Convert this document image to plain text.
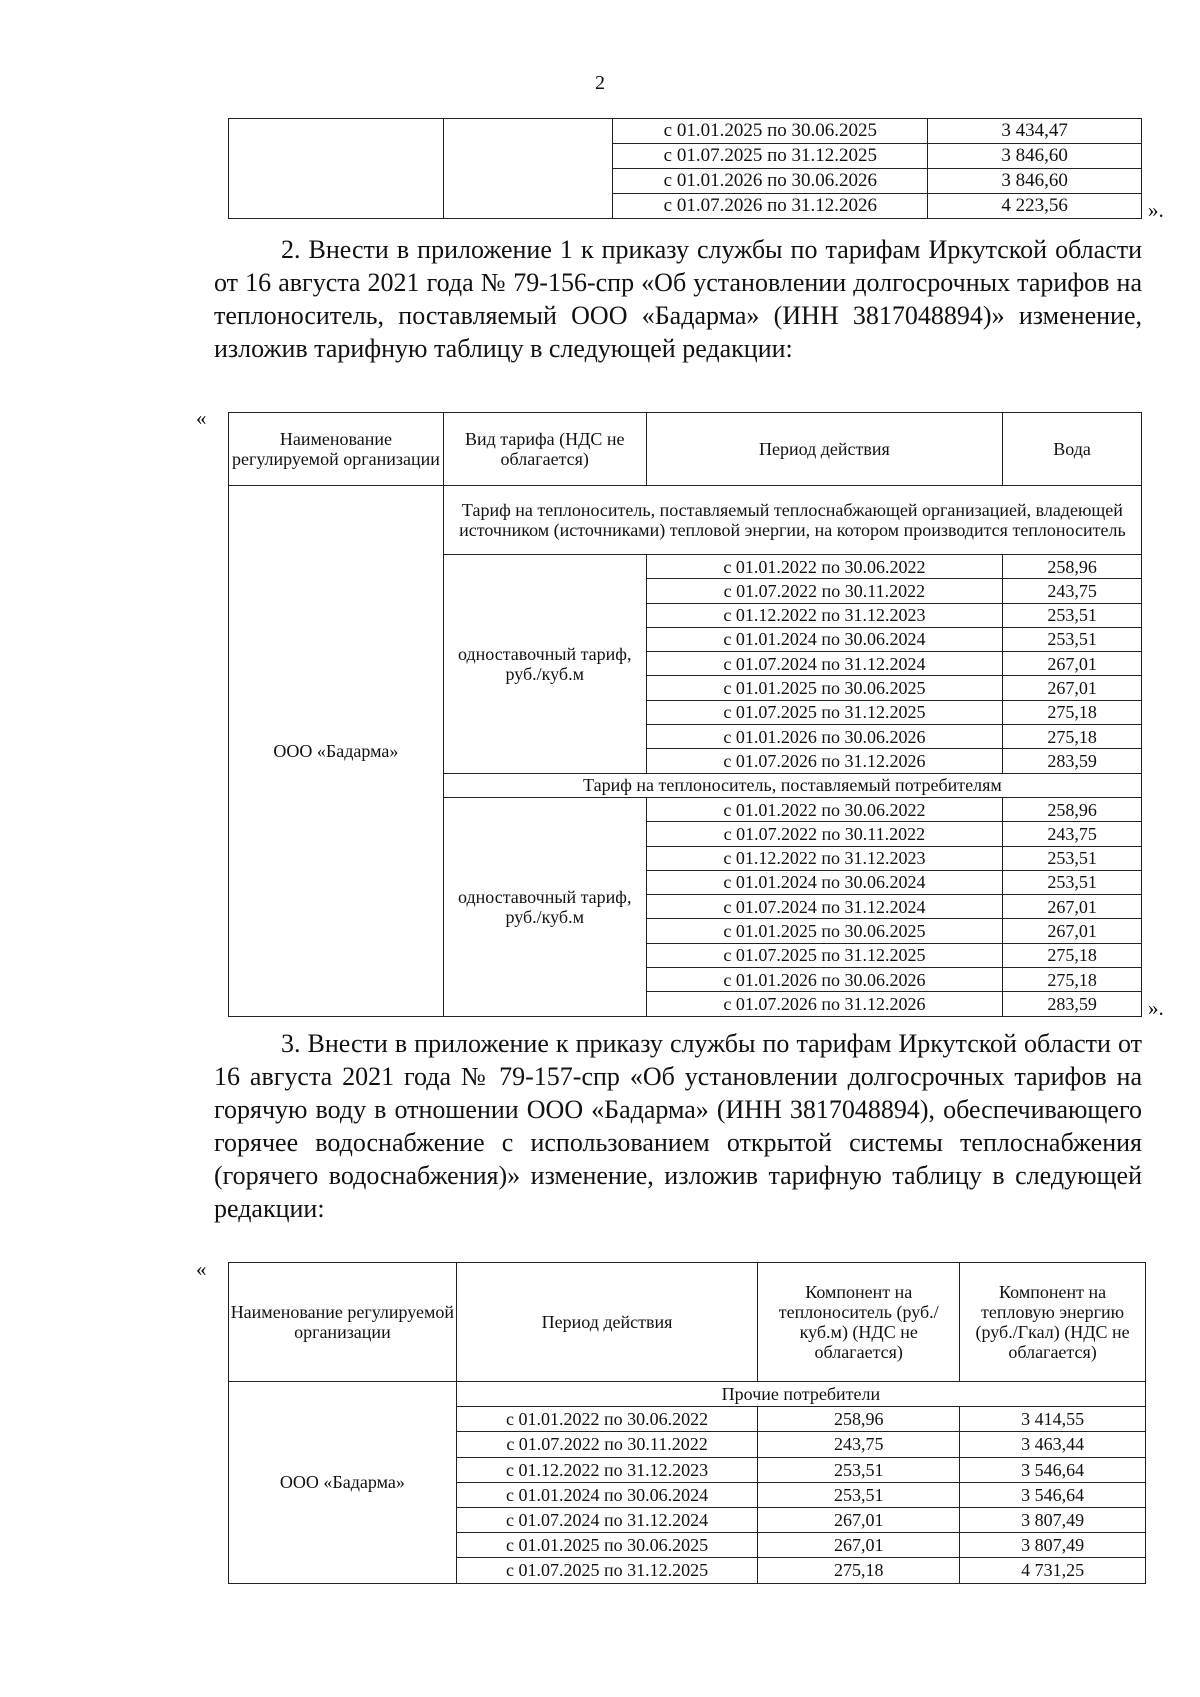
2
		с 01.01.2025 по 30.06.2025	3 434,47
		с 01.07.2025 по 31.12.2025	3 846,60
		с 01.01.2026 по 30.06.2026	3 846,60
		с 01.07.2026 по 31.12.2026	4 223,56	».
2. Внести в приложение 1 к приказу службы по тарифам Иркутской области от 16 августа 2021 года № 79-156-спр «Об установлении долгосрочных тарифов на теплоноситель, поставляемый ООО «Бадарма» (ИНН 3817048894)» изменение, изложив тарифную таблицу в следующей редакции:
«
Наименование регулируемой организации	Вид тарифа (НДС не облагается)	Период действия	Вода
ООО «Бадарма»	Тариф на теплоноситель, поставляемый теплоснабжающей организацией, владеющей источником (источниками) тепловой энергии, на котором производится теплоноситель		
	одноставочный тариф, руб./куб.м	с 01.01.2022 по 30.06.2022	258,96
		с 01.07.2022 по 30.11.2022	243,75
		с 01.12.2022 по 31.12.2023	253,51
		с 01.01.2024 по 30.06.2024	253,51
		с 01.07.2024 по 31.12.2024	267,01
		с 01.01.2025 по 30.06.2025	267,01
		с 01.07.2025 по 31.12.2025	275,18
		с 01.01.2026 по 30.06.2026	275,18
		с 01.07.2026 по 31.12.2026	283,59
	Тариф на теплоноситель, поставляемый потребителям		
	одноставочный тариф, руб./куб.м	с 01.01.2022 по 30.06.2022	258,96
		с 01.07.2022 по 30.11.2022	243,75
		с 01.12.2022 по 31.12.2023	253,51
		с 01.01.2024 по 30.06.2024	253,51
		с 01.07.2024 по 31.12.2024	267,01
		с 01.01.2025 по 30.06.2025	267,01
		с 01.07.2025 по 31.12.2025	275,18
		с 01.01.2026 по 30.06.2026	275,18
		с 01.07.2026 по 31.12.2026	283,59 ».
3. Внести в приложение к приказу службы по тарифам Иркутской области от 16 августа 2021 года № 79-157-спр «Об установлении долгосрочных тарифов на горячую воду в отношении ООО «Бадарма» (ИНН 3817048894), обеспечивающего горячее водоснабжение с использованием открытой системы теплоснабжения (горячего водоснабжения)» изменение, изложив тарифную таблицу в следующей редакции:
«
Наименование регулируемой организации	Период действия	Компонент на теплоноситель (руб./куб.м) (НДС не облагается)	Компонент на тепловую энергию (руб./Гкал) (НДС не облагается)
ООО «Бадарма»	Прочие потребители		
	с 01.01.2022 по 30.06.2022	258,96	3 414,55
	с 01.07.2022 по 30.11.2022	243,75	3 463,44
	с 01.12.2022 по 31.12.2023	253,51	3 546,64
	с 01.01.2024 по 30.06.2024	253,51	3 546,64
	с 01.07.2024 по 31.12.2024	267,01	3 807,49
	с 01.01.2025 по 30.06.2025	267,01	3 807,49
	с 01.07.2025 по 31.12.2025	275,18	4 731,25
